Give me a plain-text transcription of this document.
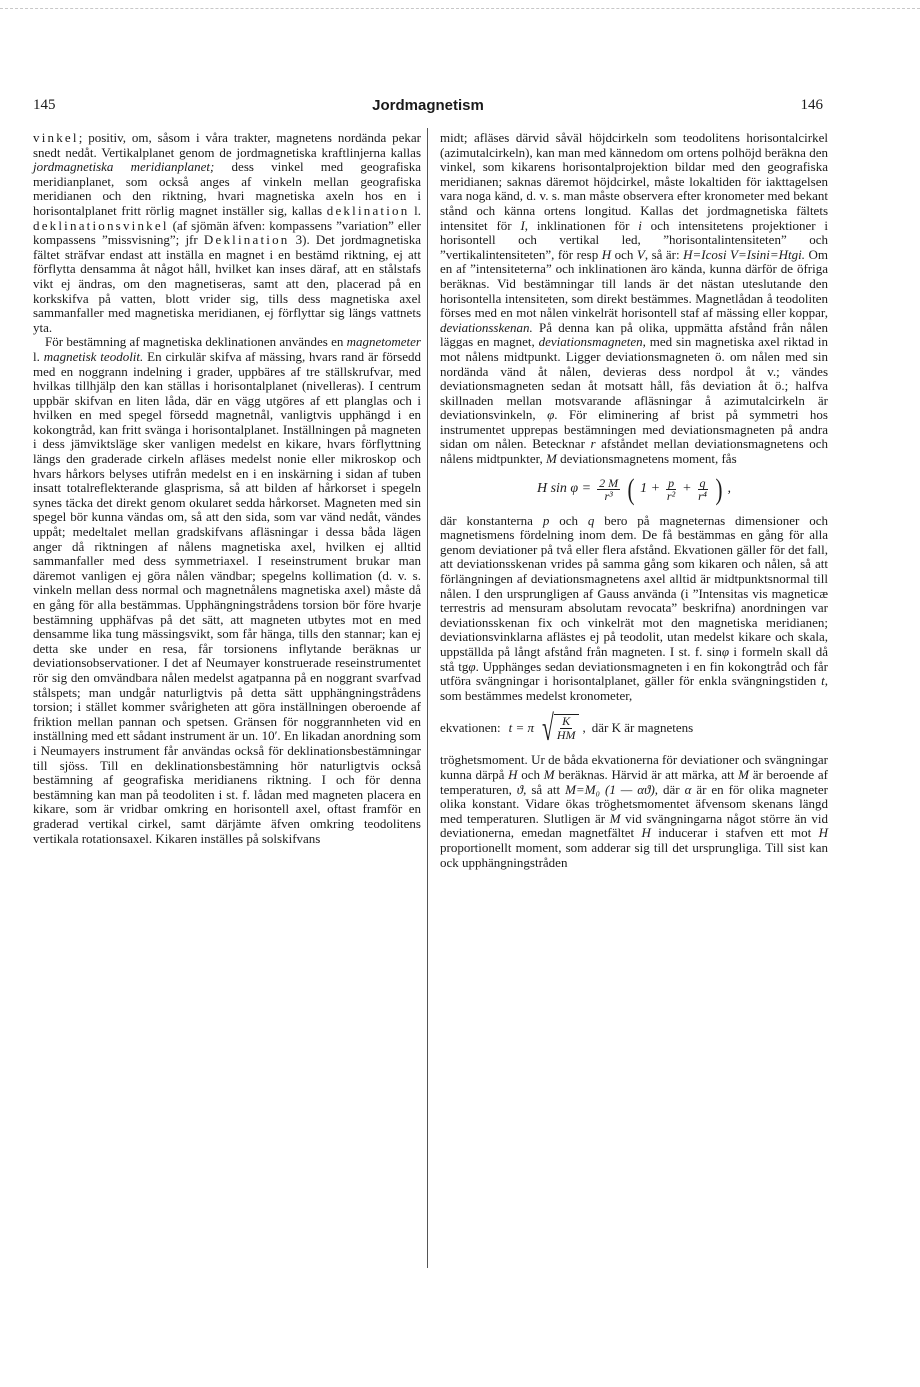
145	Jordmagnetism	146

vinkel; positiv, om, såsom i våra trakter, magnetens nordända pekar snedt nedåt. Vertikalplanet genom de jordmagnetiska kraftlinjerna kallas jordmagnetiska meridianplanet; dess vinkel med geografiska meridianplanet, som också anges af vinkeln mellan geografiska meridianen och den riktning, hvari magnetiska axeln hos en i horisontalplanet fritt rörlig magnet inställer sig, kallas deklination l. deklinationsvinkel (af sjömän äfven: kompassens ”variation” eller kompassens ”missvisning”; jfr Deklination 3). Det jordmagnetiska fältet sträfvar endast att inställa en magnet i en bestämd riktning, ej att förflytta densamma åt något håll, hvilket kan inses däraf, att en stålstafs vikt ej ändras, om den magnetiseras, samt att den, placerad på en korkskifva på vatten, blott vrider sig, tills dess magnetiska axel sammanfaller med magnetiska meridianen, ej förflyttar sig längs vattnets yta.

För bestämning af magnetiska deklinationen användes en magnetometer l. magnetisk teodolit. En cirkulär skifva af mässing, hvars rand är försedd med en noggrann indelning i grader, uppbäres af tre ställskrufvar, med hvilkas tillhjälp den kan ställas i horisontalplanet (nivelleras). I centrum uppbär skifvan en liten låda, där en vägg utgöres af ett planglas och i hvilken en med spegel försedd magnetnål, vanligtvis upphängd i en kokongtråd, kan fritt svänga i horisontalplanet. Inställningen på magneten i dess jämviktsläge sker vanligen medelst en kikare, hvars förflyttning längs den graderade cirkeln afläses medelst nonie eller mikroskop och hvars hårkors belyses utifrån medelst en i en inskärning i sidan af tuben insatt totalreflekterande glasprisma, så att bilden af hårkorset i spegeln synes täcka det direkt genom okularet sedda hårkorset. Magneten med sin spegel bör kunna vändas om, så att den sida, som var vänd nedåt, vändes uppåt; medeltalet mellan gradskifvans afläsningar i dessa båda lägen anger då riktningen af nålens magnetiska axel, hvilken ej alltid sammanfaller med dess symmetriaxel. I reseinstrument brukar man däremot vanligen ej göra nålen vändbar; spegelns kollimation (d. v. s. vinkeln mellan dess normal och magnetnålens magnetiska axel) måste då en gång för alla bestämmas. Upphängningstrådens torsion bör före hvarje bestämning upphäfvas på det sätt, att magneten utbytes mot en med densamme lika tung mässingsvikt, som får hänga, tills den stannar; kan ej detta ske under en resa, får torsionens inflytande beräknas ur deviationsobservationer. I det af Neumayer konstruerade reseinstrumentet rör sig den omvändbara nålen medelst agatpanna på en noggrant svarfvad stålspets; man undgår naturligtvis på detta sätt upphängningstrådens torsion; i stället kommer svårigheten att göra inställningen oberoende af friktion mellan pannan och spetsen. Gränsen för noggrannheten vid en inställning med ett sådant instrument är un. 10′. En likadan anordning som i Neumayers instrument får användas också för deklinationsbestämningar till sjöss. Till en deklinationsbestämning hör naturligtvis också bestämning af geografiska meridianens riktning. I och för denna bestämning kan man på teodoliten i st. f. lådan med magneten placera en kikare, som är vridbar omkring en horisontell axel, oftast framför en graderad vertikal cirkel, samt därjämte äfven omkring teodolitens vertikala rotationsaxel. Kikaren inställes på solskifvans

midt; afläses därvid såväl höjdcirkeln som teodolitens horisontalcirkel (azimutalcirkeln), kan man med kännedom om ortens polhöjd beräkna den vinkel, som kikarens horisontalprojektion bildar med den geografiska meridianen; saknas däremot höjdcirkel, måste lokaltiden för iakttagelsen vara noga känd, d. v. s. man måste observera efter kronometer med bekant stånd och känna ortens longitud. Kallas det jordmagnetiska fältets intensitet för I, inklinationen för i och intensitetens projektioner i horisontell och vertikal led, ”horisontalintensiteten” och ”vertikalintensiteten”, för resp H och V, så är: H=Icosi V=Isini=Htgi. Om en af ”intensiteterna” och inklinationen äro kända, kunna därför de öfriga beräknas. Vid bestämningar till lands är det nästan uteslutande den horisontella intensiteten, som direkt bestämmes. Magnetlådan å teodoliten förses med en mot nålen vinkelrät horisontell staf af mässing eller koppar, deviationsskenan. På denna kan på olika, uppmätta afstånd från nålen läggas en magnet, deviationsmagneten, med sin magnetiska axel riktad in mot nålens midtpunkt. Ligger deviationsmagneten ö. om nålen med sin nordända vänd åt nålen, devieras dess nordpol åt v.; vändes deviationsmagneten sedan åt motsatt håll, fås deviation åt ö.; halfva skillnaden mellan motsvarande afläsningar å azimutalcirkeln är deviationsvinkeln, φ. För eliminering af brist på symmetri hos instrumentet upprepas bestämningen med deviationsmagneten på andra sidan om nålen. Betecknar r afståndet mellan deviationsmagnetens och nålens midtpunkter, M deviationsmagnetens moment, fås

H $\sin \varphi = \frac{2 M}{\text{r³}}$ ( $1 + \frac{p}{\text{r²}} + \frac{q}{\text{r⁴}}$ ) ,

där konstanterna p och q bero på magneternas dimensioner och magnetismens fördelning inom dem. De få bestämmas en gång för alla genom deviationer på två eller flera afstånd. Ekvationen gäller för det fall, att deviationsskenan vrides på samma gång som kikaren och nålen, så att förlängningen af deviationsmagnetens axel alltid är midtpunktsnormal till nålen. I den ursprungligen af Gauss använda (i ”Intensitas vis magneticæ terrestris ad mensuram absolutam revocata” beskrifna) anordningen var deviationsskenan fix och vinkelrät mot den magnetiska meridianen; deviationsvinklarna aflästes ej på teodolit, utan medelst kikare och skala, uppställda på långt afstånd från magneten. I st. f. sinφ i formeln skall då stå tgφ. Upphänges sedan deviationsmagneten i en fin kokongtråd och får utföra svängningar i horisontalplanet, gäller för enkla svängningstiden t, som bestämmes medelst kronometer,

ekvationen: t = π √ $\frac{K}{HM}$ , där K är magnetens

tröghetsmoment. Ur de båda ekvationerna för deviationer och svängningar kunna därpå H och M beräknas. Härvid är att märka, att M är beroende af temperaturen, ϑ, så att M=M₀ (1 — αϑ), där α är en för olika magneter olika konstant. Vidare ökas tröghetsmomentet äfvensom skenans längd med temperaturen. Slutligen är M vid svängningarna något större än vid deviationerna, emedan magnetfältet H inducerar i stafven ett mot H proportionellt moment, som adderar sig till det ursprungliga. Till sist kan ock upphängningstråden
